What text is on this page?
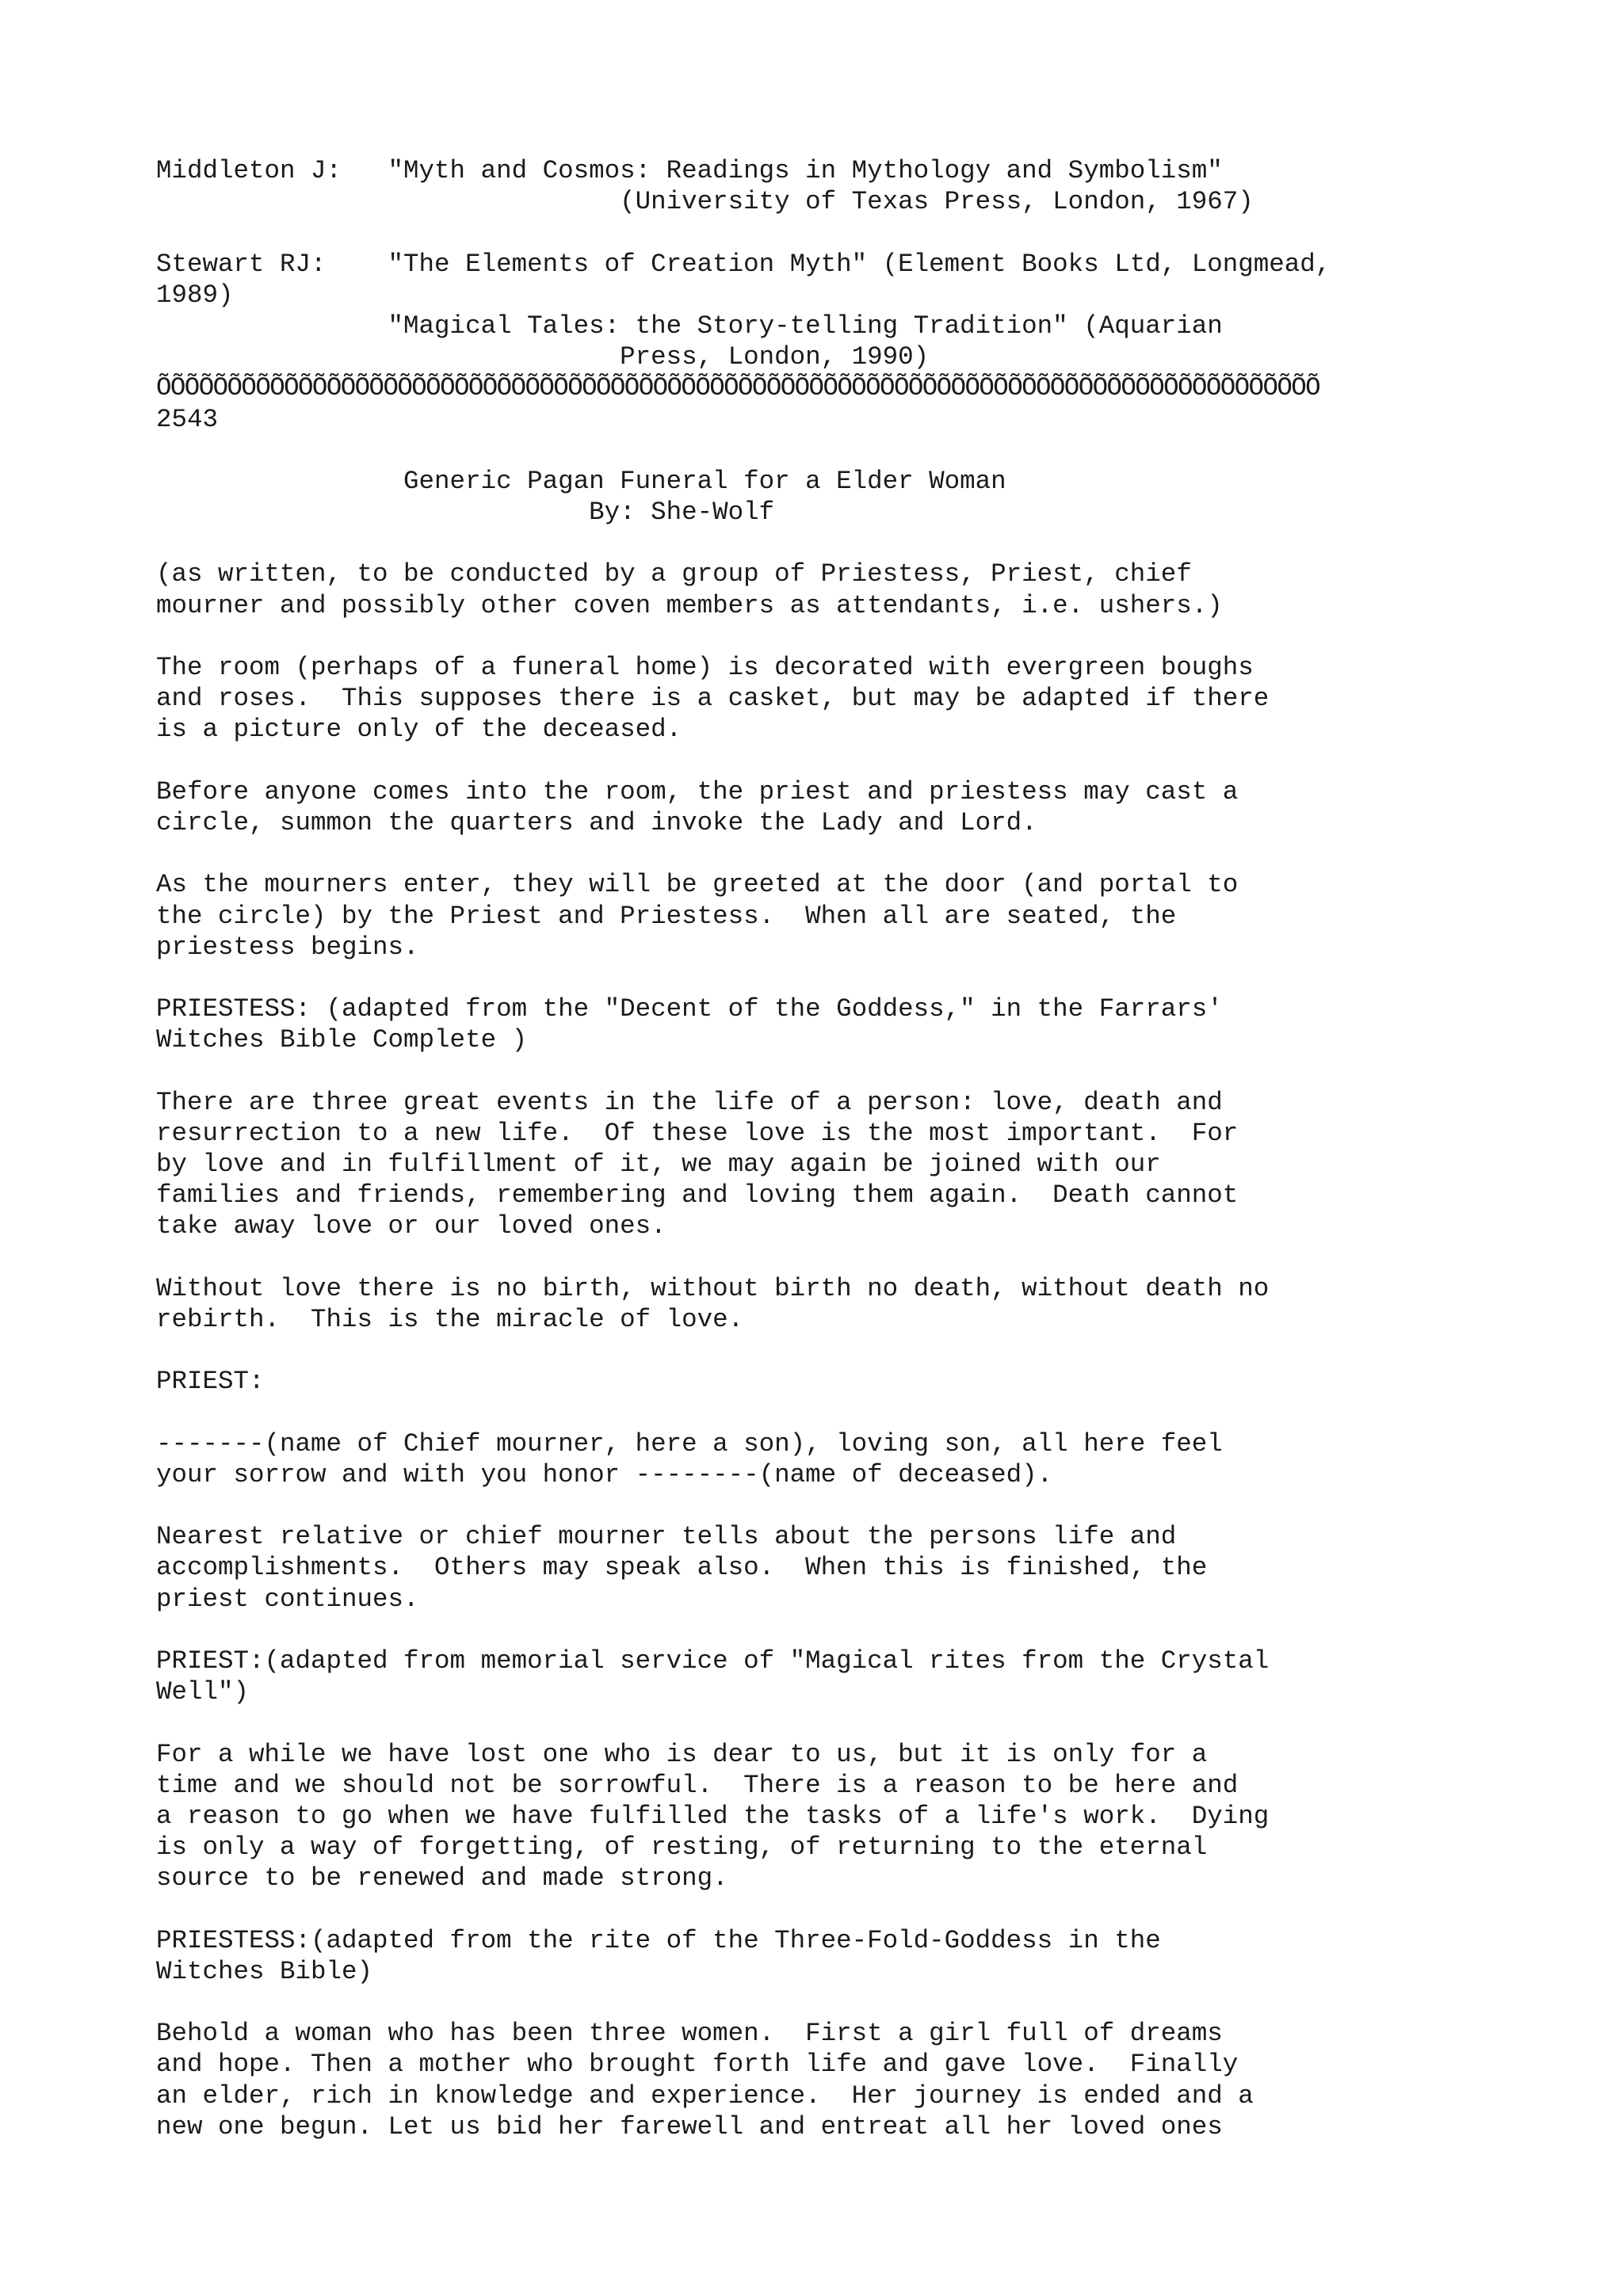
Middleton J:   "Myth and Cosmos: Readings in Mythology and Symbolism"
(University of Texas Press, London, 1967)
Stewart RJ:    "The Elements of Creation Myth" (Element Books Ltd, Longmead,
1989)
"Magical Tales: the Story-telling Tradition" (Aquarian
Press, London, 1990)
ÕÕÕÕÕÕÕÕÕÕÕÕÕÕÕÕÕÕÕÕÕÕÕÕÕÕÕÕÕÕÕÕÕÕÕÕÕÕÕÕÕÕÕÕÕÕÕÕÕÕÕÕÕÕÕÕÕÕÕÕÕÕÕÕÕÕÕÕÕÕÕÕÕÕÕÕÕÕÕÕÕÕ
2543
Generic Pagan Funeral for a Elder Woman
By: She-Wolf
(as written, to be conducted by a group of Priestess, Priest, chief
mourner and possibly other coven members as attendants, i.e. ushers.)
The room (perhaps of a funeral home) is decorated with evergreen boughs
and roses.  This supposes there is a casket, but may be adapted if there
is a picture only of the deceased.
Before anyone comes into the room, the priest and priestess may cast a
circle, summon the quarters and invoke the Lady and Lord.
As the mourners enter, they will be greeted at the door (and portal to
the circle) by the Priest and Priestess.  When all are seated, the
priestess begins.
PRIESTESS: (adapted from the "Decent of the Goddess," in the Farrars'
Witches Bible Complete )
There are three great events in the life of a person: love, death and
resurrection to a new life.  Of these love is the most important.  For
by love and in fulfillment of it, we may again be joined with our
families and friends, remembering and loving them again.  Death cannot
take away love or our loved ones.
Without love there is no birth, without birth no death, without death no
rebirth.  This is the miracle of love.
PRIEST:
-------(name of Chief mourner, here a son), loving son, all here feel
your sorrow and with you honor --------(name of deceased).
Nearest relative or chief mourner tells about the persons life and
accomplishments.  Others may speak also.  When this is finished, the
priest continues.
PRIEST:(adapted from memorial service of "Magical rites from the Crystal
Well")
For a while we have lost one who is dear to us, but it is only for a
time and we should not be sorrowful.  There is a reason to be here and
a reason to go when we have fulfilled the tasks of a life's work.  Dying
is only a way of forgetting, of resting, of returning to the eternal
source to be renewed and made strong.
PRIESTESS:(adapted from the rite of the Three-Fold-Goddess in the
Witches Bible)
Behold a woman who has been three women.  First a girl full of dreams
and hope. Then a mother who brought forth life and gave love.  Finally
an elder, rich in knowledge and experience.  Her journey is ended and a
new one begun. Let us bid her farewell and entreat all her loved ones
